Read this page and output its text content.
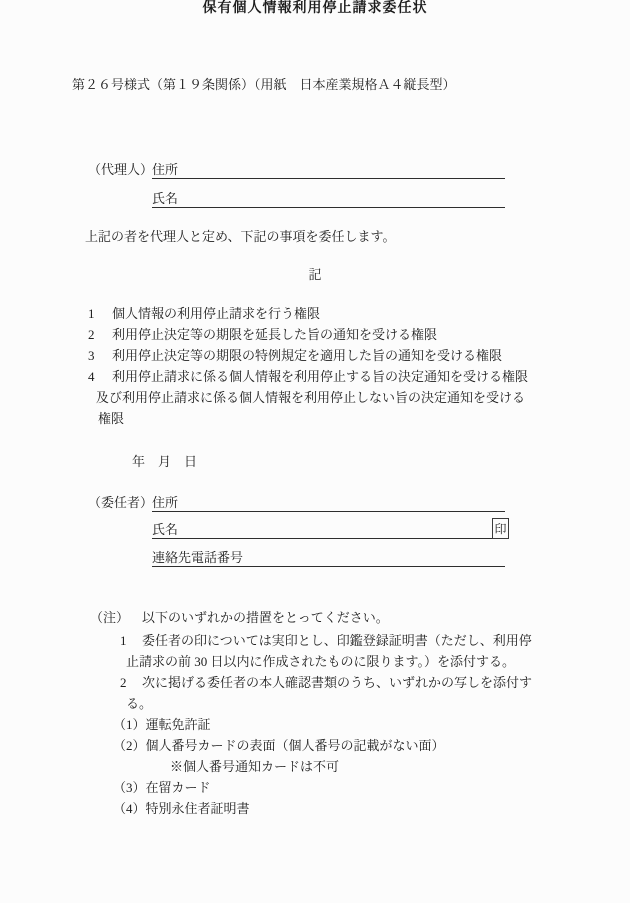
第２６号様式（第１９条関係）（用紙　日本産業規格Ａ４縦長型）
保有個人情報利用停止請求委任状
（代理人）
住所
氏名
上記の者を代理人と定め、下記の事項を委任します。
記
1 個人情報の利用停止請求を行う権限
2 利用停止決定等の期限を延長した旨の通知を受ける権限
3 利用停止決定等の期限の特例規定を適用した旨の通知を受ける権限
4 利用停止請求に係る個人情報を利用停止する旨の決定通知を受ける権限
及び利用停止請求に係る個人情報を利用停止しない旨の決定通知を受ける
権限
年　月　日
（委任者）
住所
氏名	印
連絡先電話番号
（注） 以下のいずれかの措置をとってください。
1 委任者の印については実印とし、印鑑登録証明書（ただし、利用停
止請求の前 30 日以内に作成されたものに限ります。）を添付する。
2 次に掲げる委任者の本人確認書類のうち、いずれかの写しを添付す
る。
（1）運転免許証
（2）個人番号カードの表面（個人番号の記載がない面）
※個人番号通知カードは不可
（3）在留カード
（4）特別永住者証明書
